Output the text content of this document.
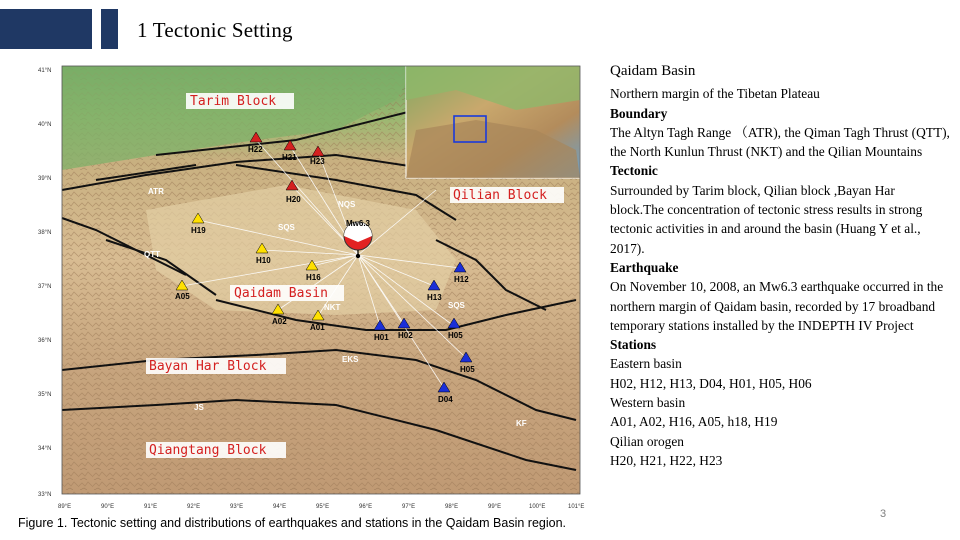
1 Tectonic Setting
41°N
40°N
39°N
38°N
37°N
36°N
35°N
34°N
33°N
89°E	90°E	91°E	92°E	93°E	94°E	95°E	96°E	97°E	98°E	99°E	100°E	101°E
Tarim Block
Qilian Block
Qaidam Basin
Bayan Har Block
Qiangtang Block
ATR
QTT
SQS
NQS
NKT
EKS
JS
KF
Mw6.3
H22
H21 H23
H20
H19
H10
H16
A05
A02
A01
H12
H13
SQS
H01 H02	H05
H05
D04
Figure 1. Tectonic setting and distributions of earthquakes and stations in the Qaidam Basin region.

Qaidam Basin

Northern margin of the Tibetan Plateau

Boundary

The Altyn Tagh Range （ATR), the Qiman Tagh Thrust (QTT), the North Kunlun Thrust (NKT) and the Qilian Mountains

Tectonic

Surrounded by Tarim block, Qilian block ,Bayan Har block.The concentration of tectonic stress results in strong tectonic activities in and around the basin (Huang Y et al., 2017).

Earthquake

On November 10, 2008, an Mw6.3 earthquake occurred in the northern margin of Qaidam basin, recorded by 17 broadband temporary stations installed by the INDEPTH IV Project

Stations

Eastern basin

H02, H12, H13, D04, H01, H05, H06

Western basin

A01, A02, H16, A05, h18, H19

Qilian orogen

H20, H21, H22, H23

3
